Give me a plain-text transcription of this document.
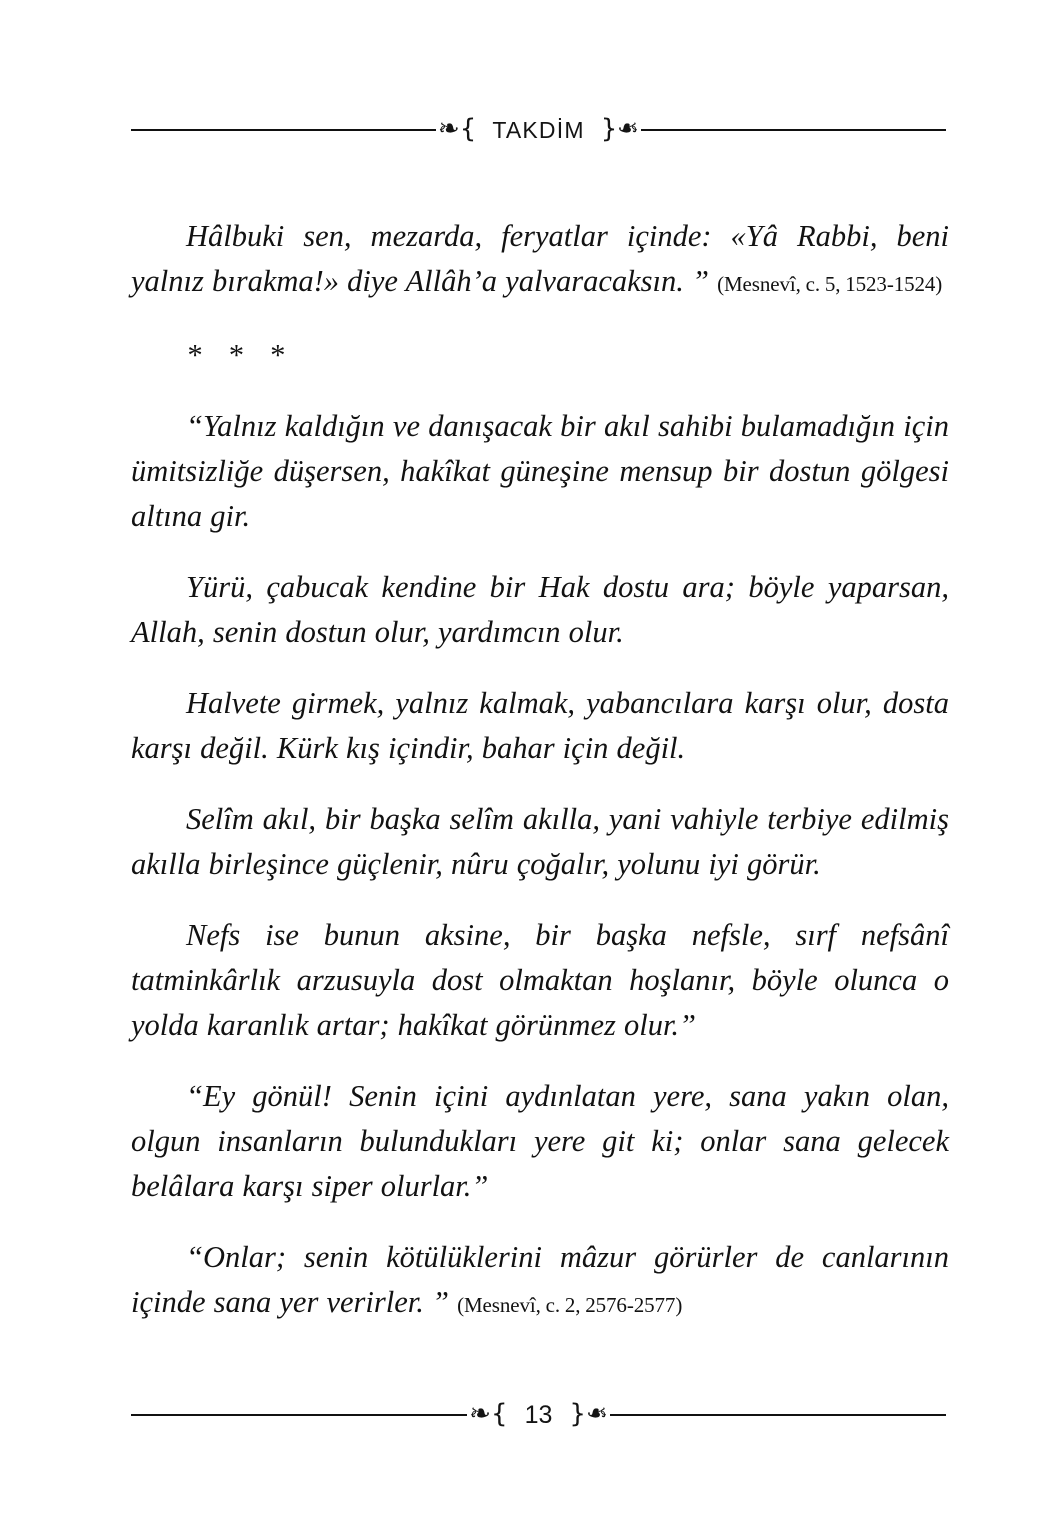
❧{ TAKDİM }❧

Hâlbuki sen, mezarda, feryatlar içinde: «Yâ Rabbi, beni yalnız bırakma!» diye Allâh’a yalvaracaksın. ” (Mesnevî, c. 5, 1523-1524)

* * *

“Yalnız kaldığın ve danışacak bir akıl sahibi bulamadığın için ümitsizliğe düşersen, hakîkat güneşine mensup bir dostun gölgesi altına gir.

Yürü, çabucak kendine bir Hak dostu ara; böyle yaparsan, Allah, senin dostun olur, yardımcın olur.

Halvete girmek, yalnız kalmak, yabancılara karşı olur, dosta karşı değil. Kürk kış içindir, bahar için değil.

Selîm akıl, bir başka selîm akılla, yani vahiyle terbiye edilmiş akılla birleşince güçlenir, nûru çoğalır, yolunu iyi görür.

Nefs ise bunun aksine, bir başka nefsle, sırf nefsânî tatminkârlık arzusuyla dost olmaktan hoşlanır, böyle olunca o yolda karanlık artar; hakîkat görünmez olur.”

“Ey gönül! Senin içini aydınlatan yere, sana yakın olan, olgun insanların bulundukları yere git ki; onlar sana gelecek belâlara karşı siper olurlar.”

“Onlar; senin kötülüklerini mâzur görürler de canlarının içinde sana yer verirler. ” (Mesnevî, c. 2, 2576-2577)

❧{ 13 }❧
